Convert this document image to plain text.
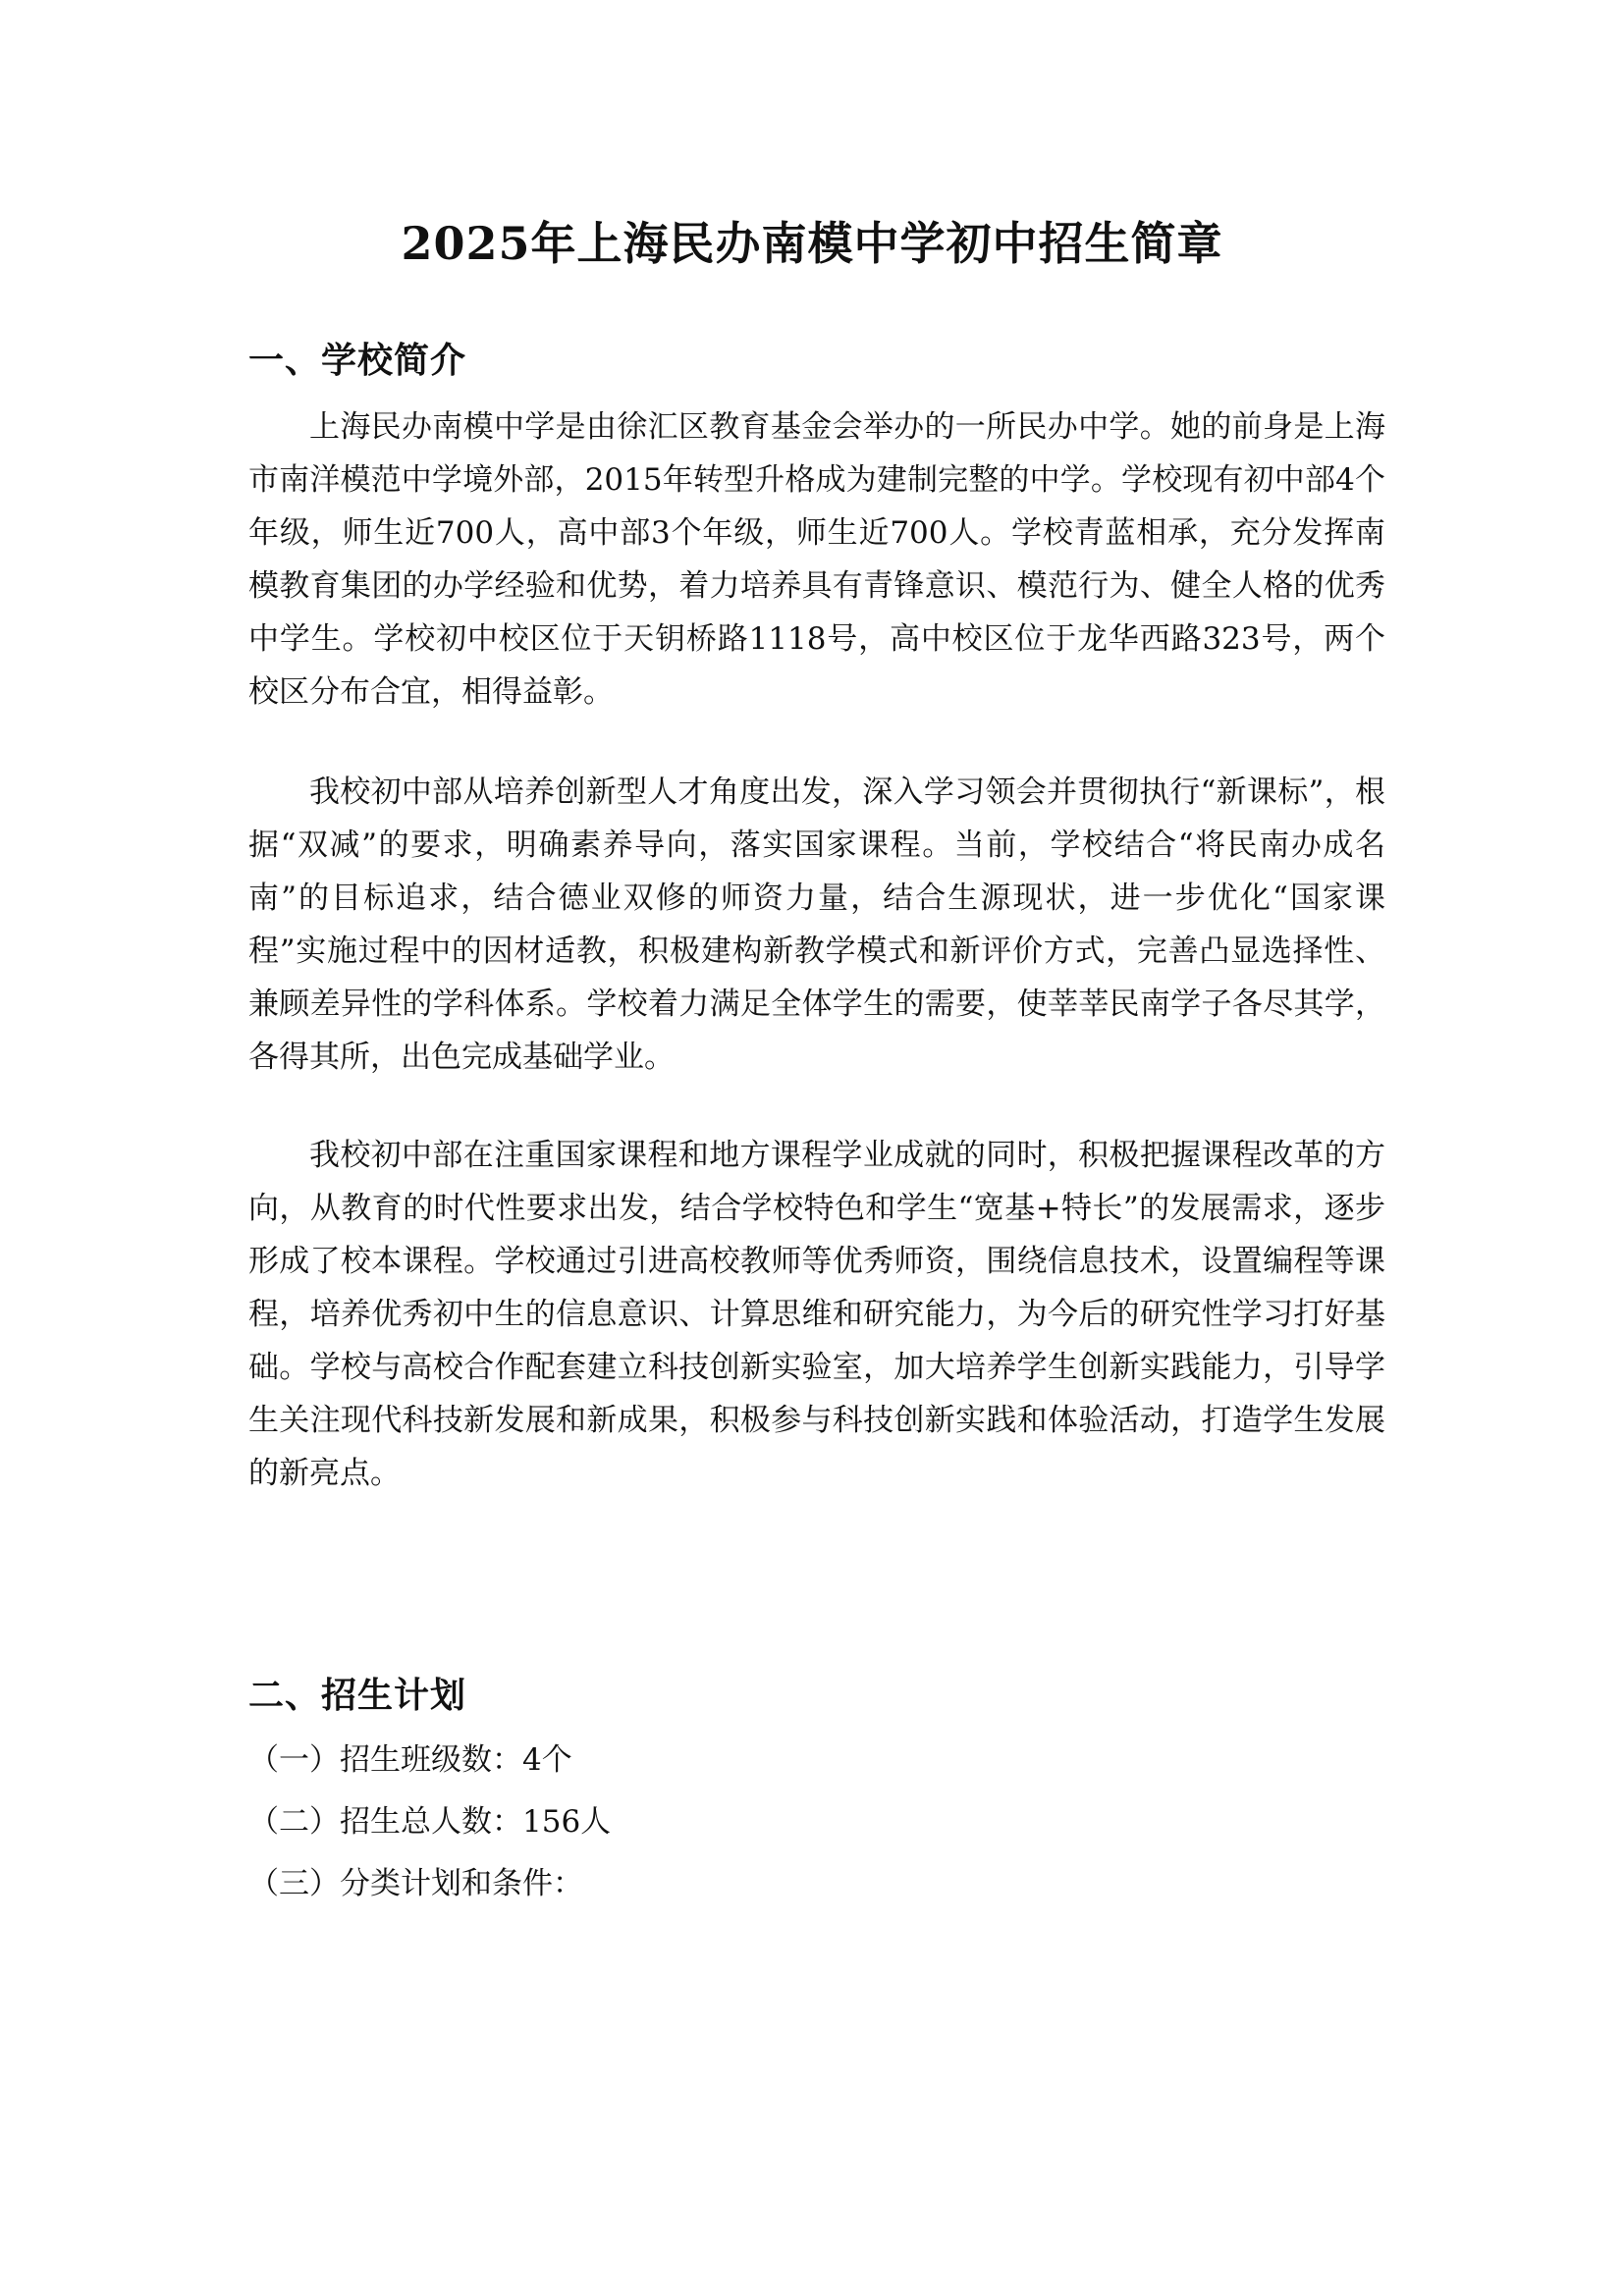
2025年上海民办南模中学初中招生简章
一、学校简介

上海民办南模中学是由徐汇区教育基金会举办的一所民办中学。她的前身是上海市南洋模范中学境外部，2015年转型升格成为建制完整的中学。学校现有初中部4个年级，师生近700人，高中部3个年级，师生近700人。学校青蓝相承，充分发挥南模教育集团的办学经验和优势，着力培养具有青锋意识、模范行为、健全人格的优秀中学生。学校初中校区位于天钥桥路1118号，高中校区位于龙华西路323号，两个校区分布合宜，相得益彰。

我校初中部从培养创新型人才角度出发，深入学习领会并贯彻执行“新课标”，根据“双减”的要求，明确素养导向，落实国家课程。当前，学校结合“将民南办成名南”的目标追求，结合德业双修的师资力量，结合生源现状，进一步优化“国家课程”实施过程中的因材适教，积极建构新教学模式和新评价方式，完善凸显选择性、兼顾差异性的学科体系。学校着力满足全体学生的需要，使莘莘民南学子各尽其学，各得其所，出色完成基础学业。

我校初中部在注重国家课程和地方课程学业成就的同时，积极把握课程改革的方向，从教育的时代性要求出发，结合学校特色和学生“宽基+特长”的发展需求，逐步形成了校本课程。学校通过引进高校教师等优秀师资，围绕信息技术，设置编程等课程，培养优秀初中生的信息意识、计算思维和研究能力，为今后的研究性学习打好基础。学校与高校合作配套建立科技创新实验室，加大培养学生创新实践能力，引导学生关注现代科技新发展和新成果，积极参与科技创新实践和体验活动，打造学生发展的新亮点。

二、招生计划

（一）招生班级数：4个

（二）招生总人数：156人

（三）分类计划和条件：
